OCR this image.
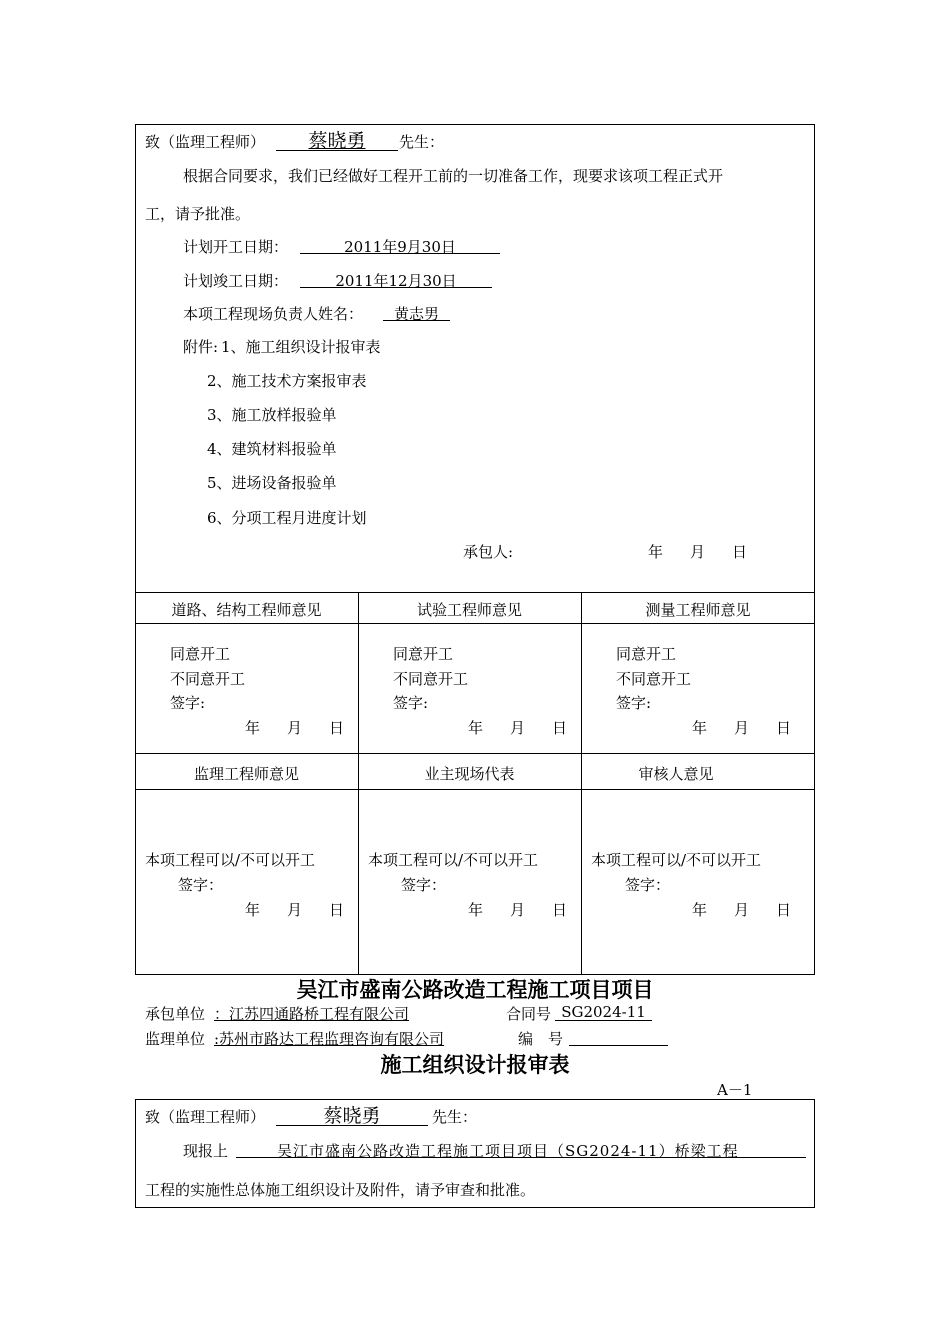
致（监理工程师）	蔡晓勇	先生：
根据合同要求，我们已经做好工程开工前的一切准备工作，现要求该项工程正式开
工，请予批准。
计划开工日期：	2011年9月30日
计划竣工日期：	2011年12月30日
本项工程现场负责人姓名：	黄志男
附件: 1、施工组织设计报审表
2、施工技术方案报审表
3、施工放样报验单
4、建筑材料报验单
5、进场设备报验单
6、分项工程月进度计划
承包人:	年 月 日
道路、结构工程师意见	试验工程师意见	测量工程师意见
同意开工
不同意开工
签字:
年 月 日
同意开工
不同意开工
签字:
年 月 日
同意开工
不同意开工
签字:
年 月 日
监理工程师意见	业主现场代表	审核人意见
本项工程可以/不可以开工
签字：
年 月 日
本项工程可以/不可以开工
签字：
年 月 日
本项工程可以/不可以开工
签字：
年 月 日
吴江市盛南公路改造工程施工项目项目
承包单位 ：江苏四通路桥工程有限公司	合同号 SG2024-11
监理单位 :苏州市路达工程监理咨询有限公司	编　号
施工组织设计报审表
A－1
致（监理工程师）	蔡晓勇	先生：
现报上	吴江市盛南公路改造工程施工项目项目（SG2024-11）桥梁工程
工程的实施性总体施工组织设计及附件，请予审查和批准。
